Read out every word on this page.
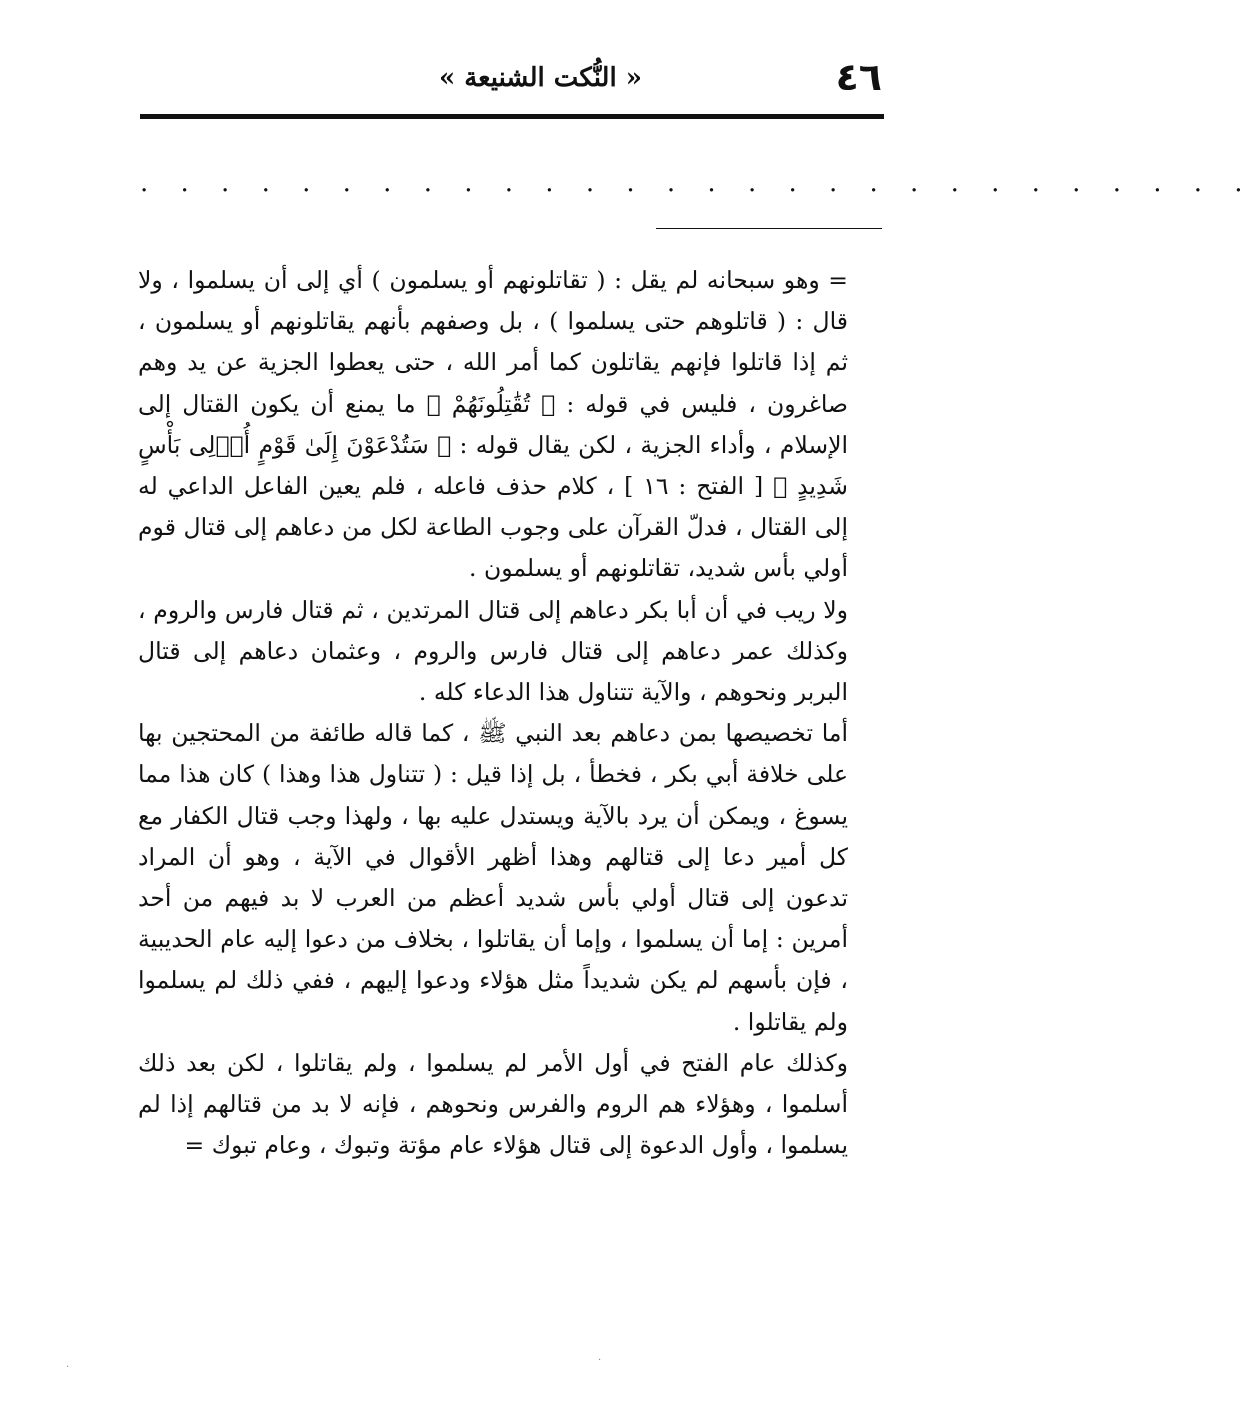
٤٦
« النُّكت الشنيعة »
. . . . . . . . . . . . . . . . . . . . . . . . . . . .

= وهو سبحانه لم يقل : ( تقاتلونهم أو يسلمون ) أي إلى أن يسلموا ، ولا قال : ( قاتلوهم حتى يسلموا ) ، بل وصفهم بأنهم يقاتلونهم أو يسلمون ، ثم إذا قاتلوا فإنهم يقاتلون كما أمر الله ، حتى يعطوا الجزية عن يد وهم صاغرون ، فليس في قوله : ﴿ تُقَٰتِلُونَهُمْ ﴾ ما يمنع أن يكون القتال إلى الإسلام ، وأداء الجزية ، لكن يقال قوله : ﴿ سَتُدْعَوْنَ إِلَىٰ قَوْمٍ أُو۟لِى بَأْسٍ شَدِيدٍ ﴾ [ الفتح : ١٦ ] ، كلام حذف فاعله ، فلم يعين الفاعل الداعي له إلى القتال ، فدلّ القرآن على وجوب الطاعة لكل من دعاهم إلى قتال قوم أولي بأس شديد، تقاتلونهم أو يسلمون .

ولا ريب في أن أبا بكر دعاهم إلى قتال المرتدين ، ثم قتال فارس والروم ، وكذلك عمر دعاهم إلى قتال فارس والروم ، وعثمان دعاهم إلى قتال البربر ونحوهم ، والآية تتناول هذا الدعاء كله .

أما تخصيصها بمن دعاهم بعد النبي ﷺ ، كما قاله طائفة من المحتجين بها على خلافة أبي بكر ، فخطأ ، بل إذا قيل : ( تتناول هذا وهذا ) كان هذا مما يسوغ ، ويمكن أن يرد بالآية ويستدل عليه بها ، ولهذا وجب قتال الكفار مع كل أمير دعا إلى قتالهم وهذا أظهر الأقوال في الآية ، وهو أن المراد تدعون إلى قتال أولي بأس شديد أعظم من العرب لا بد فيهم من أحد أمرين : إما أن يسلموا ، وإما أن يقاتلوا ، بخلاف من دعوا إليه عام الحديبية ، فإن بأسهم لم يكن شديداً مثل هؤلاء ودعوا إليهم ، ففي ذلك لم يسلموا ولم يقاتلوا .

وكذلك عام الفتح في أول الأمر لم يسلموا ، ولم يقاتلوا ، لكن بعد ذلك أسلموا ، وهؤلاء هم الروم والفرس ونحوهم ، فإنه لا بد من قتالهم إذا لم يسلموا ، وأول الدعوة إلى قتال هؤلاء عام مؤتة وتبوك ، وعام تبوك =

·
·
